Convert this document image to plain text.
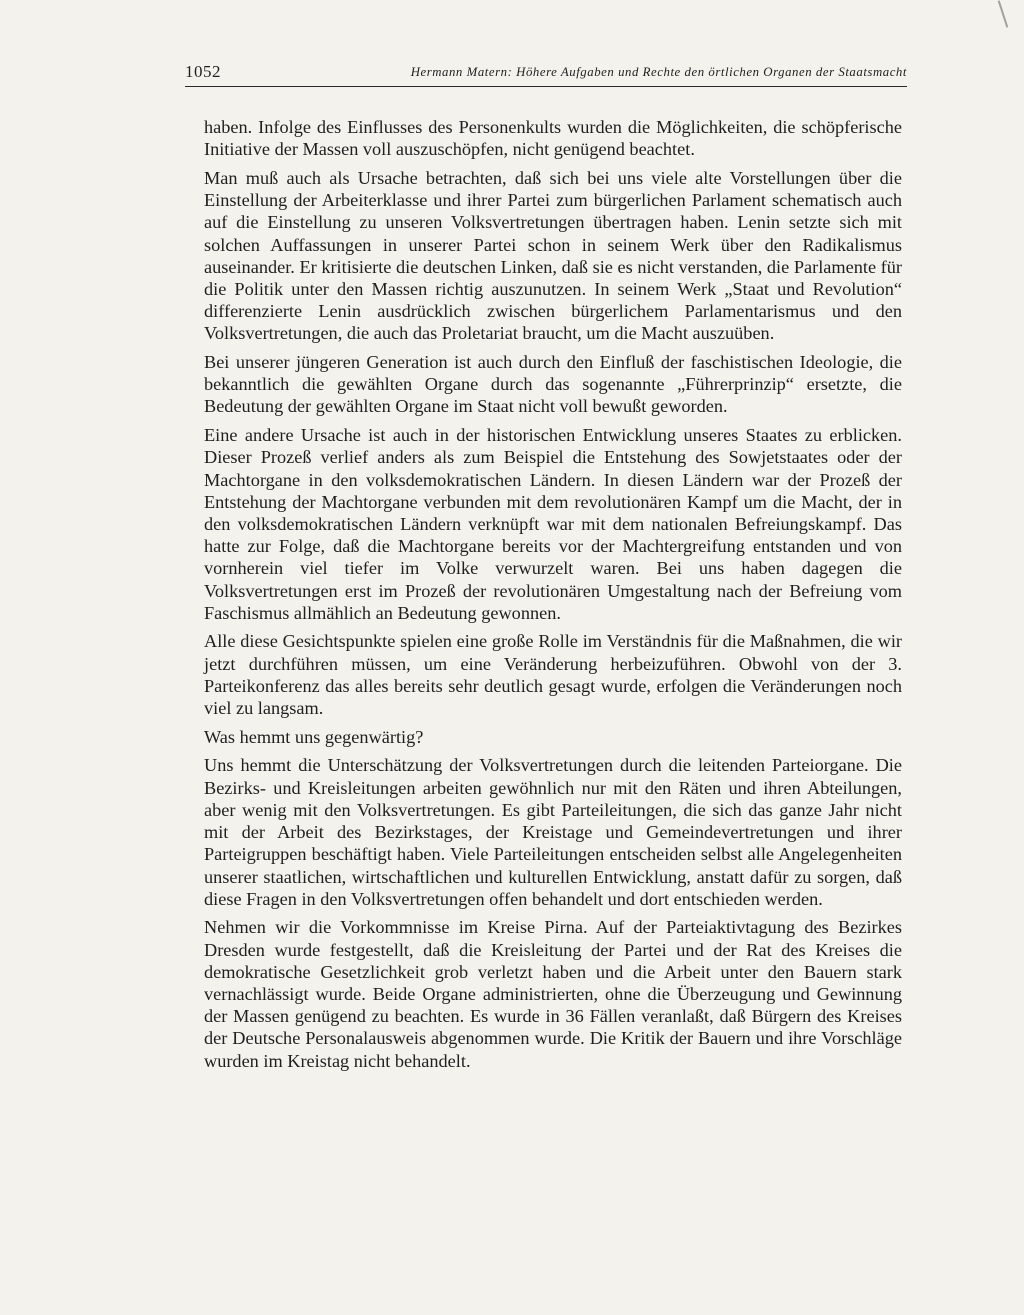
1052	Hermann Matern: Höhere Aufgaben und Rechte den örtlichen Organen der Staatsmacht

haben. Infolge des Einflusses des Personenkults wurden die Möglichkeiten, die schöpferische Initiative der Massen voll auszuschöpfen, nicht genügend beachtet.

Man muß auch als Ursache betrachten, daß sich bei uns viele alte Vorstellungen über die Einstellung der Arbeiterklasse und ihrer Partei zum bürgerlichen Parlament schematisch auch auf die Einstellung zu unseren Volksvertretungen übertragen haben. Lenin setzte sich mit solchen Auffassungen in unserer Partei schon in seinem Werk über den Radikalismus auseinander. Er kritisierte die deutschen Linken, daß sie es nicht verstanden, die Parlamente für die Politik unter den Massen richtig auszunutzen. In seinem Werk „Staat und Revolution“ differenzierte Lenin ausdrücklich zwischen bürgerlichem Parlamentarismus und den Volksvertretungen, die auch das Proletariat braucht, um die Macht auszuüben.

Bei unserer jüngeren Generation ist auch durch den Einfluß der faschistischen Ideologie, die bekanntlich die gewählten Organe durch das sogenannte „Führerprinzip“ ersetzte, die Bedeutung der gewählten Organe im Staat nicht voll bewußt geworden.

Eine andere Ursache ist auch in der historischen Entwicklung unseres Staates zu erblicken. Dieser Prozeß verlief anders als zum Beispiel die Entstehung des Sowjetstaates oder der Machtorgane in den volksdemokratischen Ländern. In diesen Ländern war der Prozeß der Entstehung der Machtorgane verbunden mit dem revolutionären Kampf um die Macht, der in den volksdemokratischen Ländern verknüpft war mit dem nationalen Befreiungskampf. Das hatte zur Folge, daß die Machtorgane bereits vor der Machtergreifung entstanden und von vornherein viel tiefer im Volke verwurzelt waren. Bei uns haben dagegen die Volksvertretungen erst im Prozeß der revolutionären Umgestaltung nach der Befreiung vom Faschismus allmählich an Bedeutung gewonnen.

Alle diese Gesichtspunkte spielen eine große Rolle im Verständnis für die Maßnahmen, die wir jetzt durchführen müssen, um eine Veränderung herbeizuführen. Obwohl von der 3. Parteikonferenz das alles bereits sehr deutlich gesagt wurde, erfolgen die Veränderungen noch viel zu langsam.

Was hemmt uns gegenwärtig?

Uns hemmt die Unterschätzung der Volksvertretungen durch die leitenden Parteiorgane. Die Bezirks- und Kreisleitungen arbeiten gewöhnlich nur mit den Räten und ihren Abteilungen, aber wenig mit den Volksvertretungen. Es gibt Parteileitungen, die sich das ganze Jahr nicht mit der Arbeit des Bezirkstages, der Kreistage und Gemeindevertretungen und ihrer Parteigruppen beschäftigt haben. Viele Parteileitungen entscheiden selbst alle Angelegenheiten unserer staatlichen, wirtschaftlichen und kulturellen Entwicklung, anstatt dafür zu sorgen, daß diese Fragen in den Volksvertretungen offen behandelt und dort entschieden werden.

Nehmen wir die Vorkommnisse im Kreise Pirna. Auf der Parteiaktivtagung des Bezirkes Dresden wurde festgestellt, daß die Kreisleitung der Partei und der Rat des Kreises die demokratische Gesetzlichkeit grob verletzt haben und die Arbeit unter den Bauern stark vernachlässigt wurde. Beide Organe administrierten, ohne die Überzeugung und Gewinnung der Massen genügend zu beachten. Es wurde in 36 Fällen veranlaßt, daß Bürgern des Kreises der Deutsche Personalausweis abgenommen wurde. Die Kritik der Bauern und ihre Vorschläge wurden im Kreistag nicht behandelt.
